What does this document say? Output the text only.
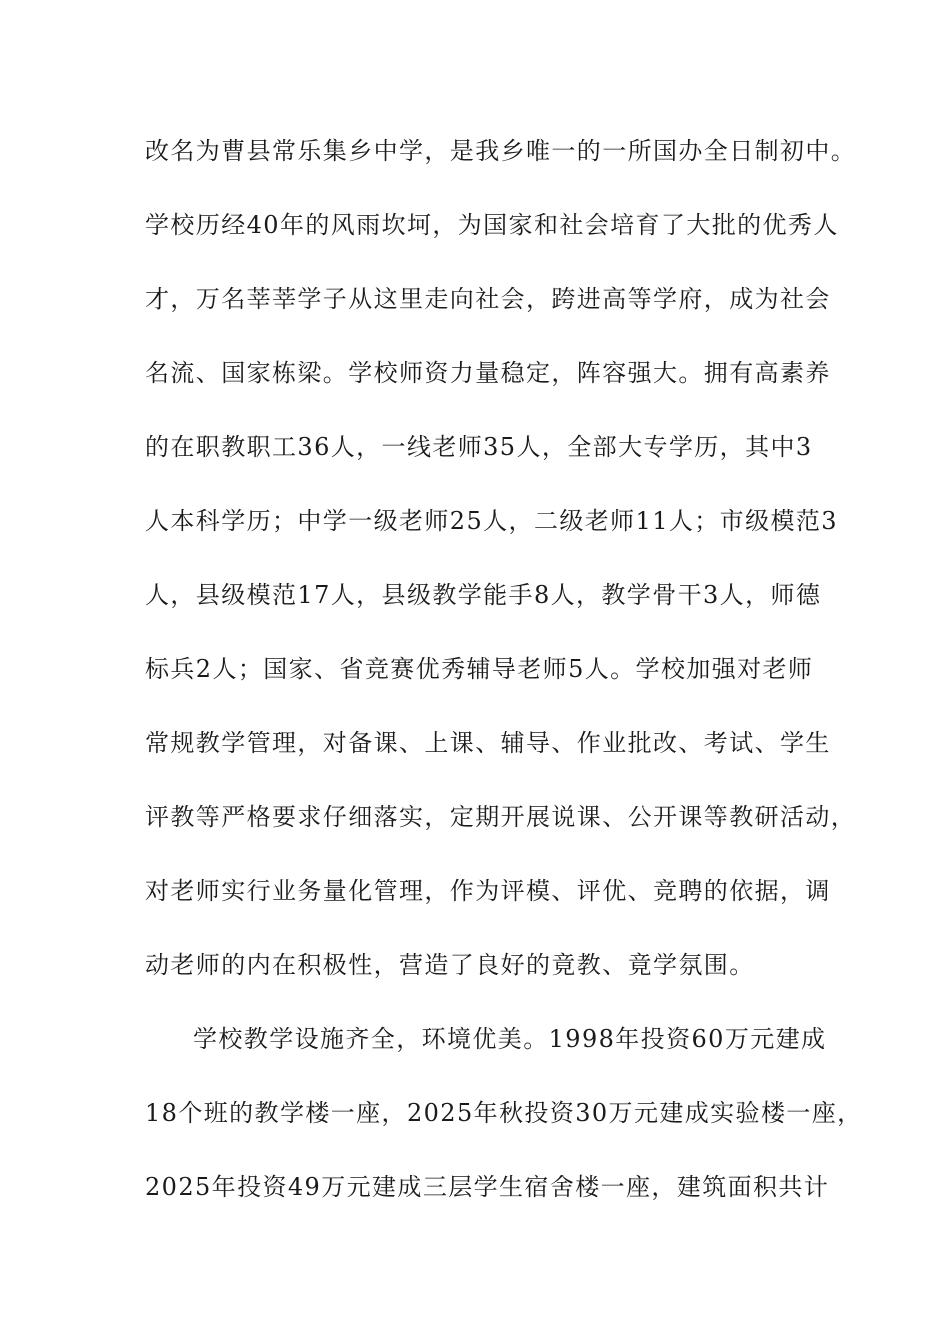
改名为曹县常乐集乡中学，是我乡唯一的一所国办全日制初中。
学校历经40年的风雨坎坷，为国家和社会培育了大批的优秀人
才，万名莘莘学子从这里走向社会，跨进高等学府，成为社会
名流、国家栋梁。学校师资力量稳定，阵容强大。拥有高素养
的在职教职工36人，一线老师35人，全部大专学历，其中3
人本科学历；中学一级老师25人，二级老师11人；市级模范3
人，县级模范17人，县级教学能手8人，教学骨干3人，师德
标兵2人；国家、省竞赛优秀辅导老师5人。学校加强对老师
常规教学管理，对备课、上课、辅导、作业批改、考试、学生
评教等严格要求仔细落实，定期开展说课、公开课等教研活动，
对老师实行业务量化管理，作为评模、评优、竞聘的依据，调
动老师的内在积极性，营造了良好的竟教、竟学氛围。
学校教学设施齐全，环境优美。1998年投资60万元建成
18个班的教学楼一座，2025年秋投资30万元建成实验楼一座，
2025年投资49万元建成三层学生宿舍楼一座，建筑面积共计
